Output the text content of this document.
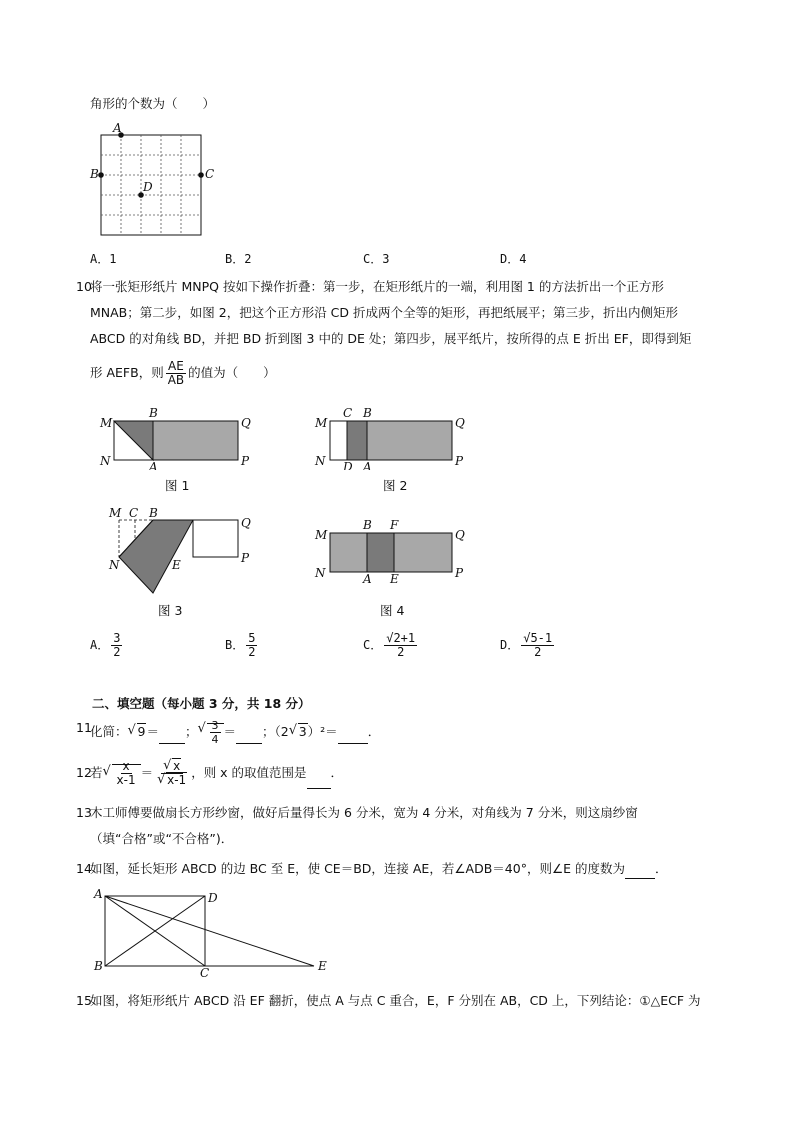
角形的个数为（　　）
A
B	C
D
A．1	B．2	C．3	D．4
10
将一张矩形纸片 MNPQ 按如下操作折叠：第一步，在矩形纸片的一端，利用图 1 的方法折出一个正方形
MNAB；第二步，如图 2，把这个正方形沿 CD 折成两个全等的矩形，再把纸展平；第三步，折出内侧矩形
ABCD 的对角线 BD，并把 BD 折到图 3 中的 DE 处；第四步，展平纸片，按所得的点 E 折出 EF，即得到矩
形 AEFB，则 $\frac{AE}{AB}$ 的值为（　　）
M
N
B
A
Q
P
图 1
M
N
C B
D A
Q
P
图 2
M C B
N	E
Q
P
图 3
M
N
B F
A E
Q
P
图 4
A． $\frac{3}{2}$	B． $\frac{5}{2}$	C． $\frac{√2+1}{2}$	D． $\frac{√5-1}{2}$
二、填空题（每小题 3 分，共 18 分）
11
化简： √ 9＝ ； √ $\frac{3}{4}$ ＝ ；（2 √ 3）²＝ ．
12
若 √ $\frac{x}{x-1}$ ＝ √ x
√ x-1 ，则 x 的取值范围是 ．
13
木工师傅要做扇长方形纱窗，做好后量得长为 6 分米，宽为 4 分米，对角线为 7 分米，则这扇纱窗
（填“合格”或“不合格”)．
14
如图，延长矩形 ABCD 的边 BC 至 E，使 CE＝BD，连接 AE，若∠ADB＝40°，则∠E 的度数为 ．
A	D
B	C	E
15
如图，将矩形纸片 ABCD 沿 EF 翻折，使点 A 与点 C 重合，E，F 分别在 AB，CD 上，下列结论：①△ECF 为
